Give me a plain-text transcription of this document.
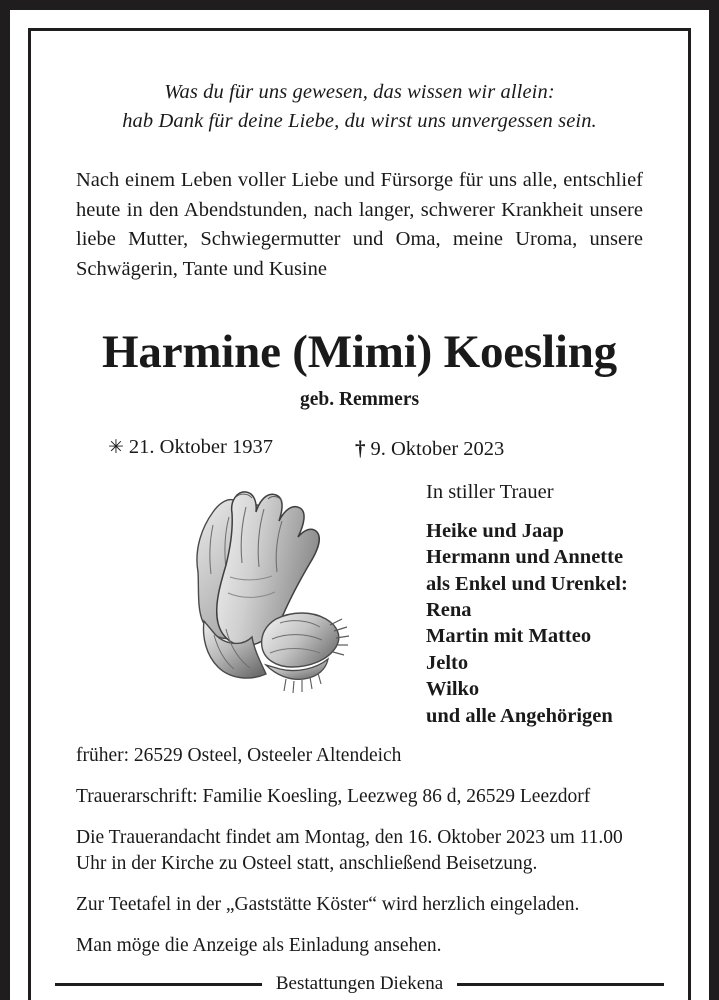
Was du für uns gewesen, das wissen wir allein:
hab Dank für deine Liebe, du wirst uns unvergessen sein.
Nach einem Leben voller Liebe und Fürsorge für uns alle, entschlief heute in den Abendstunden, nach langer, schwerer Krankheit unsere liebe Mutter, Schwiegermutter und Oma, meine Uroma, unsere Schwägerin, Tante und Kusine
Harmine (Mimi) Koesling
geb. Remmers
✳ 21. Oktober 1937	† 9. Oktober 2023
In stiller Trauer
Heike und Jaap
Hermann und Annette
als Enkel und Urenkel:
Rena
Martin mit Matteo
Jelto
Wilko
und alle Angehörigen

früher: 26529 Osteel, Osteeler Altendeich

Trauerarschrift: Familie Koesling, Leezweg 86 d, 26529 Leezdorf

Die Trauerandacht findet am Montag, den 16. Oktober 2023 um 11.00 Uhr in der Kirche zu Osteel statt, anschließend Beisetzung.

Zur Teetafel in der „Gaststätte Köster“ wird herzlich eingeladen.

Man möge die Anzeige als Einladung ansehen.

Bestattungen Diekena
